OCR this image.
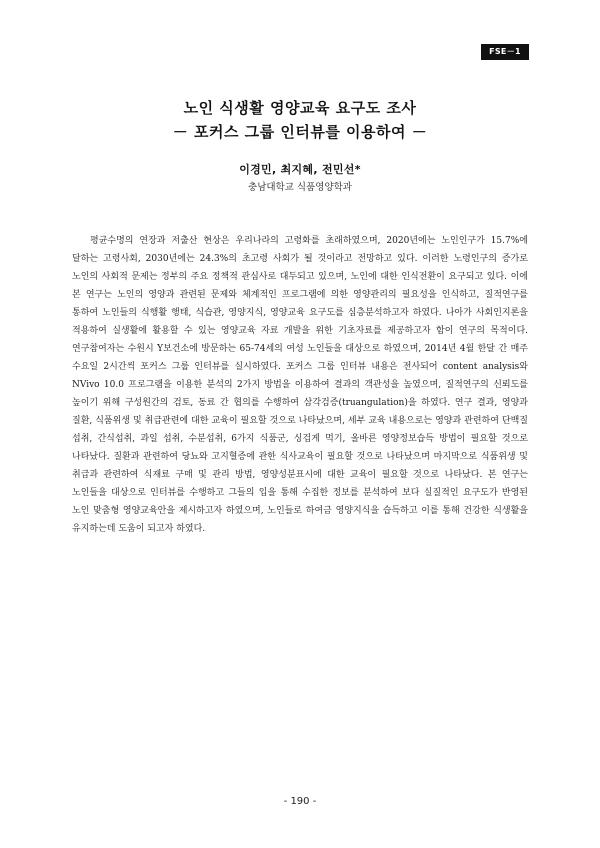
FSE－1
노인 식생활 영양교육 요구도 조사
－ 포커스 그룹 인터뷰를 이용하여 －
이경민, 최지혜, 전민선*
충남대학교 식품영양학과

평균수명의 연장과 저출산 현상은 우리나라의 고령화를 초래하였으며, 2020년에는 노인인구가 15.7%에 달하는 고령사회, 2030년에는 24.3%의 초고령 사회가 될 것이라고 전망하고 있다. 이러한 노령인구의 증가로 노인의 사회적 문제는 정부의 주요 정책적 관심사로 대두되고 있으며, 노인에 대한 인식전환이 요구되고 있다. 이에 본 연구는 노인의 영양과 관련된 문제와 체계적인 프로그램에 의한 영양관리의 필요성을 인식하고, 질적연구를 통하여 노인들의 식행활 행태, 식습관, 영양지식, 영양교육 요구도를 심층분석하고자 하였다. 나아가 사회인지론을 적용하여 실생활에 활용할 수 있는 영양교육 자료 개발을 위한 기초자료를 제공하고자 함이 연구의 목적이다. 연구참여자는 수원시 Y보건소에 방문하는 65-74세의 여성 노인들을 대상으로 하였으며, 2014년 4월 한달 간 매주 수요일 2시간씩 포커스 그룹 인터뷰를 실시하였다. 포커스 그룹 인터뷰 내용은 전사되어 content analysis와 NVivo 10.0 프로그램을 이용한 분석의 2가지 방법을 이용하여 결과의 객관성을 높였으며, 질적연구의 신뢰도를 높이기 위해 구성원간의 검토, 동료 간 협의를 수행하여 삼각검증(truangulation)을 하였다. 연구 결과, 영양과 질환, 식품위생 및 취급관련에 대한 교육이 필요할 것으로 나타났으며, 세부 교육 내용으로는 영양과 관련하여 단백질 섭취, 간식섭취, 과일 섭취, 수분섭취, 6가지 식품군, 싱겁게 먹기, 올바른 영양정보습득 방법이 필요할 것으로 나타났다. 질환과 관련하여 당뇨와 고지혈증에 관한 식사교육이 필요할 것으로 나타났으며 마지막으로 식품위생 및 취급과 관련하여 식재료 구매 및 관리 방법, 영양성분표시에 대한 교육이 필요할 것으로 나타났다. 본 연구는 노인들을 대상으로 인터뷰를 수행하고 그들의 입을 통해 수집한 정보를 분석하여 보다 실질적인 요구도가 반영된 노인 맞춤형 영양교육안을 제시하고자 하였으며, 노인들로 하여금 영양지식을 습득하고 이를 통해 건강한 식생활을 유지하는데 도움이 되고자 하였다.

- 190 -
